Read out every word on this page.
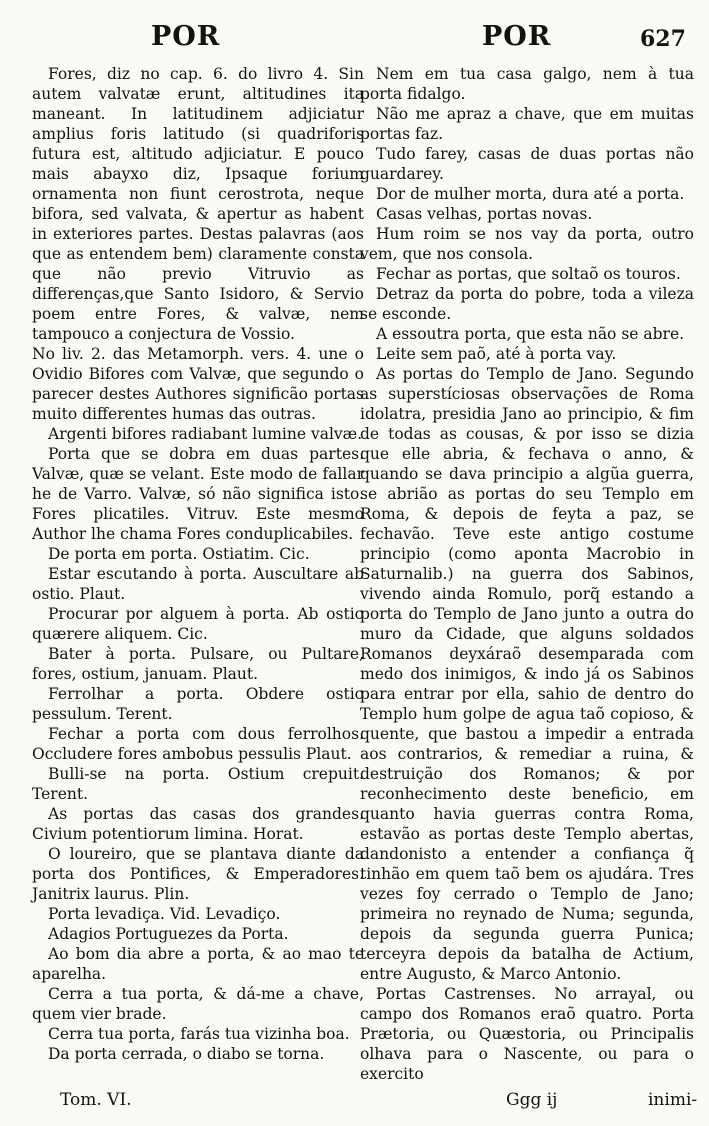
POR	POR	627

Fores, diz no cap. 6. do livro 4. Sin autem valvatæ erunt, altitudines ita maneant. In latitudinem adjiciatur amplius foris latitudo (si quadriforis futura est, altitudo adjiciatur. E pouco mais abayxo diz, Ipsaque forium ornamenta non fiunt cerostrota, neque bifora, sed valvata, & apertur as habent in exteriores partes. Destas palavras (aos que as entendem bem) claramente consta que não previo Vitruvio as differenças,que Santo Isidoro, & Servio poem entre Fores, & valvæ, nem tampouco a conjectura de Vossio.

No liv. 2. das Metamorph. vers. 4. une o Ovidio Bifores com Valvæ, que segundo o parecer destes Authores significão portas muito differentes humas das outras.

Argenti bifores radiabant lumine valvæ.

Porta que se dobra em duas partes. Valvæ, quæ se velant. Este modo de fallar he de Varro. Valvæ, só não significa isto. Fores plicatiles. Vitruv. Este mesmo Author lhe chama Fores conduplicabiles.

De porta em porta. Ostiatim. Cic.

Estar escutando à porta. Auscultare ab ostio. Plaut.

Procurar por alguem à porta. Ab ostio quærere aliquem. Cic.

Bater à porta. Pulsare, ou Pultare, fores, ostium, januam. Plaut.

Ferrolhar a porta. Obdere ostio pessulum. Terent.

Fechar a porta com dous ferrolhos. Occludere fores ambobus pessulis Plaut.

Bulli-se na porta. Ostium crepuit. Terent.

As portas das casas dos grandes. Civium potentiorum limina. Horat.

O loureiro, que se plantava diante da porta dos Pontifices, & Emperadores. Janitrix laurus. Plin.

Porta levadiça. Vid. Levadiço.

Adagios Portuguezes da Porta.

Ao bom dia abre a porta, & ao mao te aparelha.

Cerra a tua porta, & dá-me a chave, quem vier brade.

Cerra tua porta, farás tua vizinha boa.

Da porta cerrada, o diabo se torna.

Nem em tua casa galgo, nem à tua porta fidalgo.

Não me apraz a chave, que em muitas portas faz.

Tudo farey, casas de duas portas não guardarey.

Dor de mulher morta, dura até a porta.

Casas velhas, portas novas.

Hum roim se nos vay da porta, outro vem, que nos consola.

Fechar as portas, que soltaõ os touros.

Detraz da porta do pobre, toda a vileza se esconde.

A essoutra porta, que esta não se abre.

Leite sem paõ, até à porta vay.

As portas do Templo de Jano. Segundo as superstíciosas observações de Roma idolatra, presidia Jano ao principio, & fim de todas as cousas, & por isso se dizia que elle abria, & fechava o anno, & quando se dava principio a algũa guerra, se abrião as portas do seu Templo em Roma, & depois de feyta a paz, se fechavão. Teve este antigo costume principio (como aponta Macrobio in Saturnalib.) na guerra dos Sabinos, vivendo ainda Romulo, porq̃ estando a porta do Templo de Jano junto a outra do muro da Cidade, que alguns soldados Romanos deyxáraõ desemparada com medo dos inimigos, & indo já os Sabinos para entrar por ella, sahio de dentro do Templo hum golpe de agua taõ copioso, & quente, que bastou a impedir a entrada aos contrarios, & remediar a ruina, & destruição dos Romanos; & por reconhecimento deste beneficio, em quanto havia guerras contra Roma, estavão as portas deste Templo abertas, dandonisto a entender a confiança q̃ tinhão em quem taõ bem os ajudára. Tres vezes foy cerrado o Templo de Jano; primeira no reynado de Numa; segunda, depois da segunda guerra Punica; terceyra depois da batalha de Actium, entre Augusto, & Marco Antonio.

Portas Castrenses. No arrayal, ou campo dos Romanos eraõ quatro. Porta Prætoria, ou Quæstoria, ou Principalis olhava para o Nascente, ou para o exercito

Tom. VI.	Ggg ij	inimi-
